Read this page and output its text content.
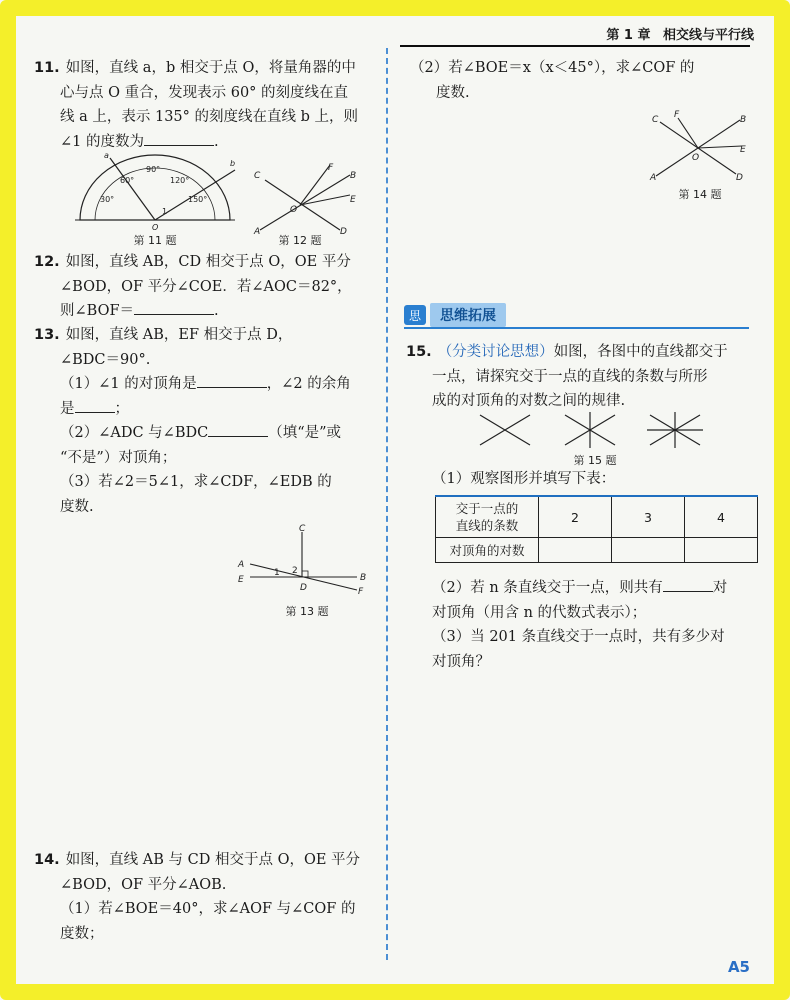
第 1 章 相交线与平行线

11. 如图，直线 a，b 相交于点 O，将量角器的中

心与点 O 重合，发现表示 60° 的刻度线在直

线 a 上，表示 135° 的刻度线在直线 b 上，则

∠1 的度数为	.

90°
60°	120°
30°	150°
a
b
1
O
第 11 题
C
F
B
E
O
A	D
第 12 题

12. 如图，直线 AB，CD 相交于点 O，OE 平分

∠BOD，OF 平分∠COE．若∠AOC＝82°，

则∠BOF＝	.

13. 如图，直线 AB，EF 相交于点 D，

∠BDC＝90°.

（1）∠1 的对顶角是	，∠2 的余角

是	；

（2）∠ADC 与∠BDC	（填“是”或

“不是”）对顶角；

（3）若∠2＝5∠1，求∠CDF，∠EDB 的

度数.

C
A
E
1 2
D
B
F
第 13 题

14. 如图，直线 AB 与 CD 相交于点 O，OE 平分

∠BOD，OF 平分∠AOB.

（1）若∠BOE＝40°，求∠AOF 与∠COF 的

度数；

（2）若∠BOE＝x（x＜45°），求∠COF 的

度数.

C F	B
E
O
A	D
第 14 题
思	思维拓展

15. （分类讨论思想）如图，各图中的直线都交于

一点，请探究交于一点的直线的条数与所形

成的对顶角的对数之间的规律.

第 15 题

（1）观察图形并填写下表：

交于一点的
直线的条数	2	3	4
对顶角的对数			

（2）若 n 条直线交于一点，则共有	对

对顶角（用含 n 的代数式表示）；

（3）当 201 条直线交于一点时，共有多少对

对顶角？

A5
